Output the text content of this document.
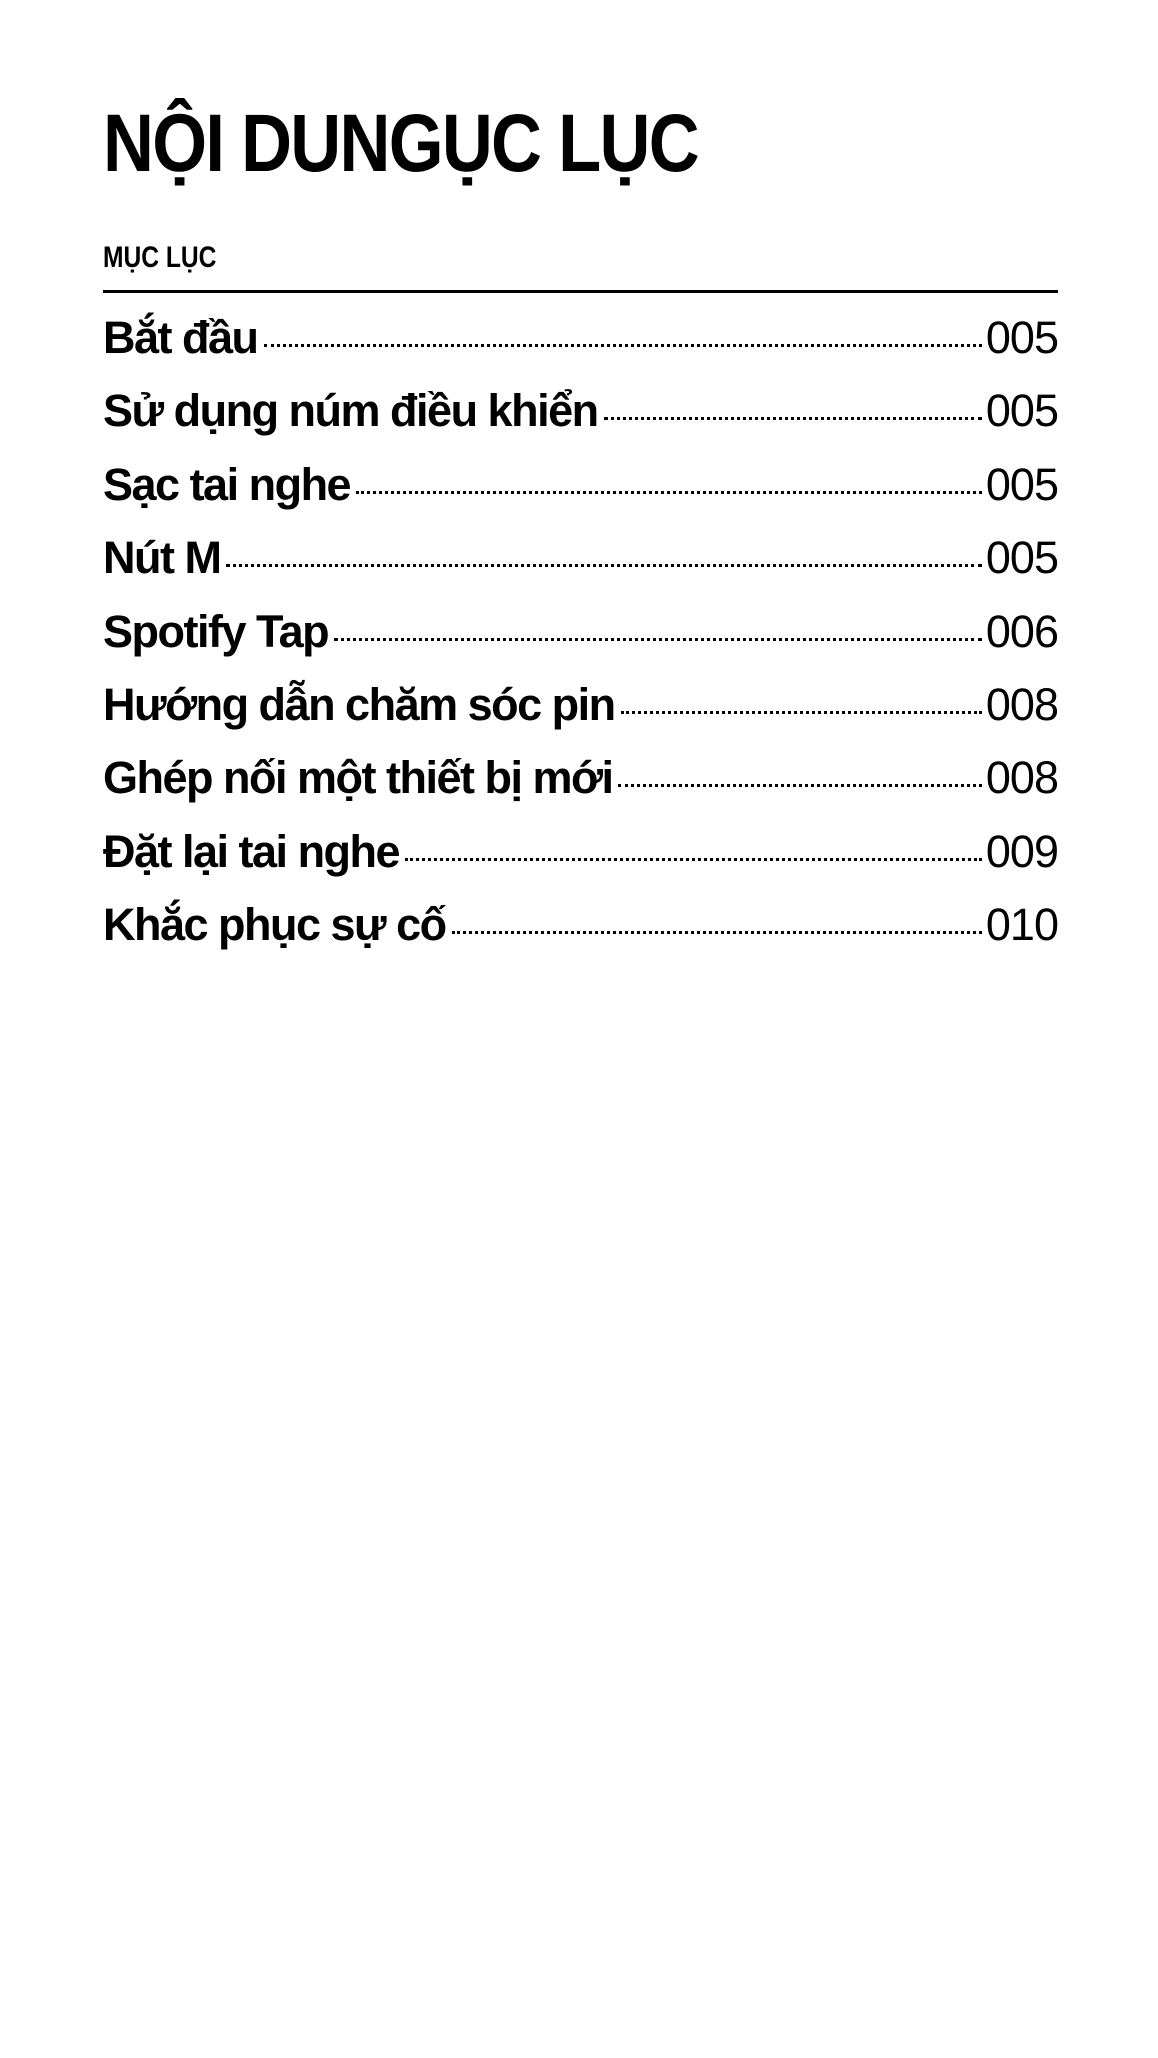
NỘI DUNGỤC LỤC
MỤC LỤC
Bắt đầu	005
Sử dụng núm điều khiển	005
Sạc tai nghe	005
Nút M	005
Spotify Tap	006
Hướng dẫn chăm sóc pin	008
Ghép nối một thiết bị mới	008
Đặt lại tai nghe	009
Khắc phục sự cố	010
